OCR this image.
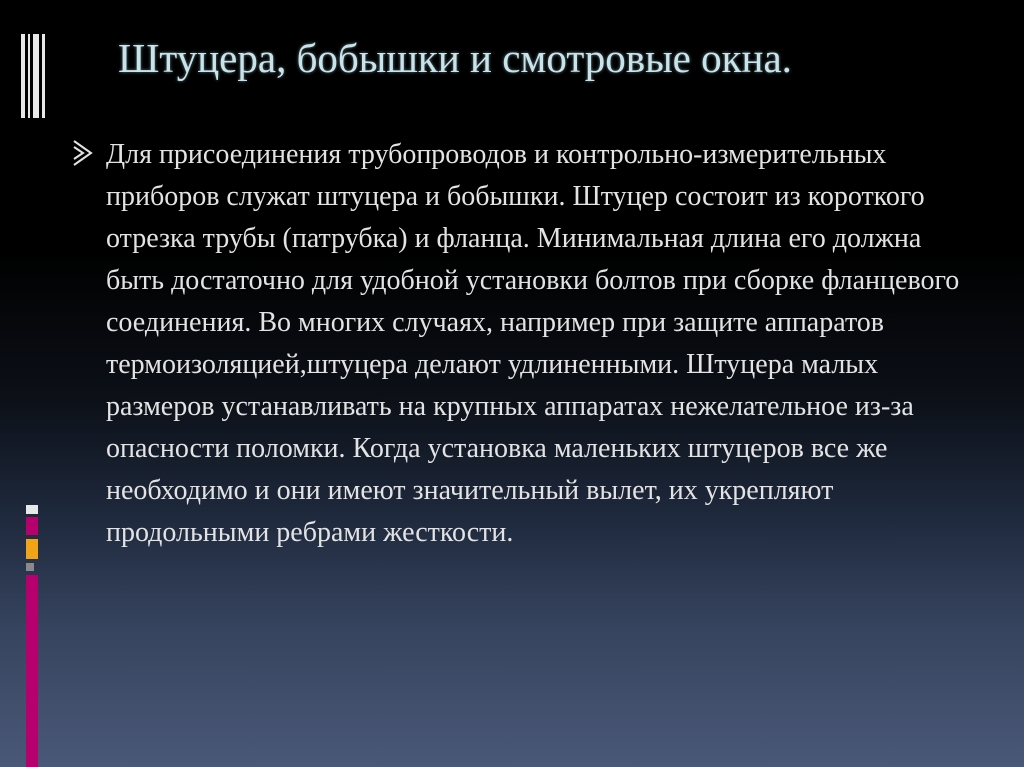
Штуцера, бобышки и смотровые окна.

Для присоединения трубопроводов и контрольно-измерительных приборов служат штуцера и бобышки. Штуцер состоит из короткого отрезка трубы (патрубка) и фланца. Минимальная длина его должна быть достаточно для удобной установки болтов при сборке фланцевого соединения. Во многих случаях, например при защите аппаратов термоизоляцией,штуцера делают удлиненными. Штуцера малых размеров устанавливать на крупных аппаратах нежелательное из-за опасности поломки. Когда установка маленьких штуцеров все же необходимо и они имеют значительный вылет, их укрепляют продольными ребрами жесткости.
